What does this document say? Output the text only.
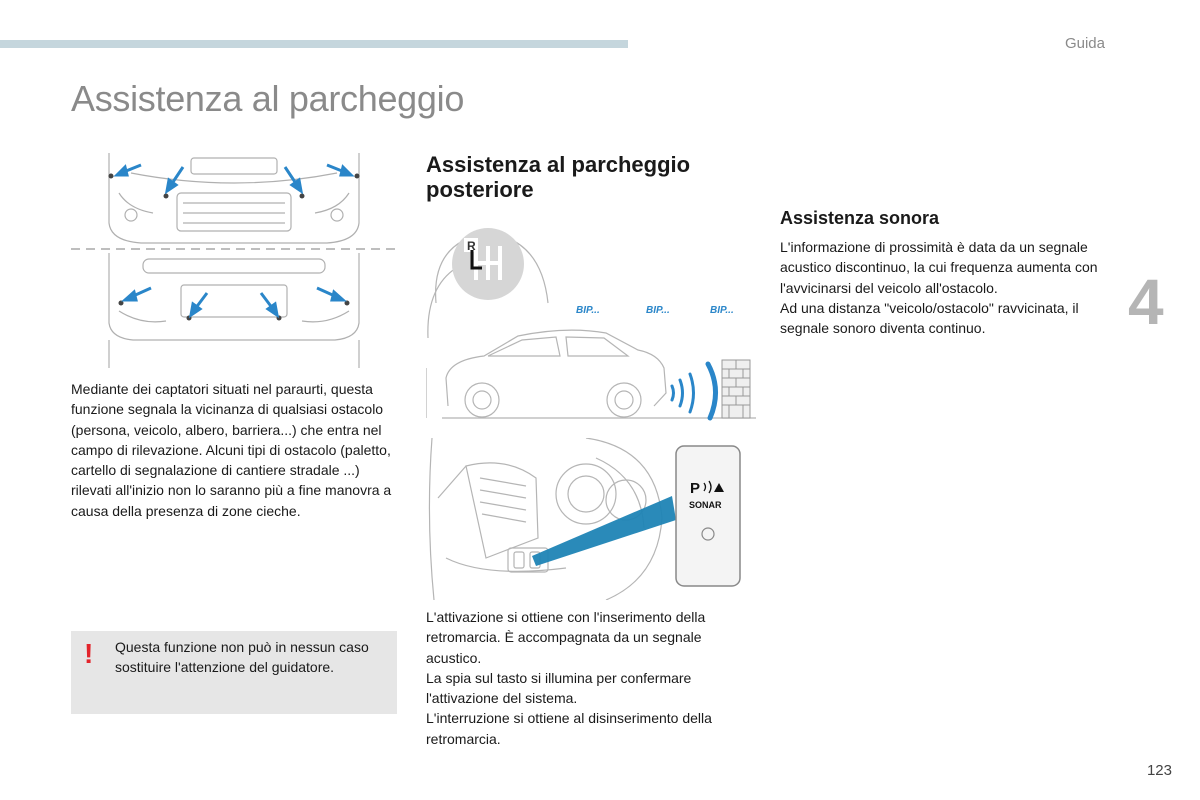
Guida
Assistenza al parcheggio

Mediante dei captatori situati nel paraurti, questa funzione segnala la vicinanza di qualsiasi ostacolo (persona, veicolo, albero, barriera...) che entra nel campo di rilevazione. Alcuni tipi di ostacolo (paletto, cartello di segnalazione di cantiere stradale ...) rilevati all'inizio non lo saranno più a fine manovra a causa della presenza di zone cieche.

!	Questa funzione non può in nessun caso sostituire l'attenzione del guidatore.

Assistenza al parcheggio posteriore
R
BIP...	BIP...	BIP...
P
SONAR

L'attivazione si ottiene con l'inserimento della retromarcia. È accompagnata da un segnale acustico.
La spia sul tasto si illumina per confermare l'attivazione del sistema.
L'interruzione si ottiene al disinserimento della retromarcia.

Assistenza sonora

L'informazione di prossimità è data da un segnale acustico discontinuo, la cui frequenza aumenta con l'avvicinarsi del veicolo all'ostacolo.
Ad una distanza "veicolo/ostacolo" ravvicinata, il segnale sonoro diventa continuo.	4
123
